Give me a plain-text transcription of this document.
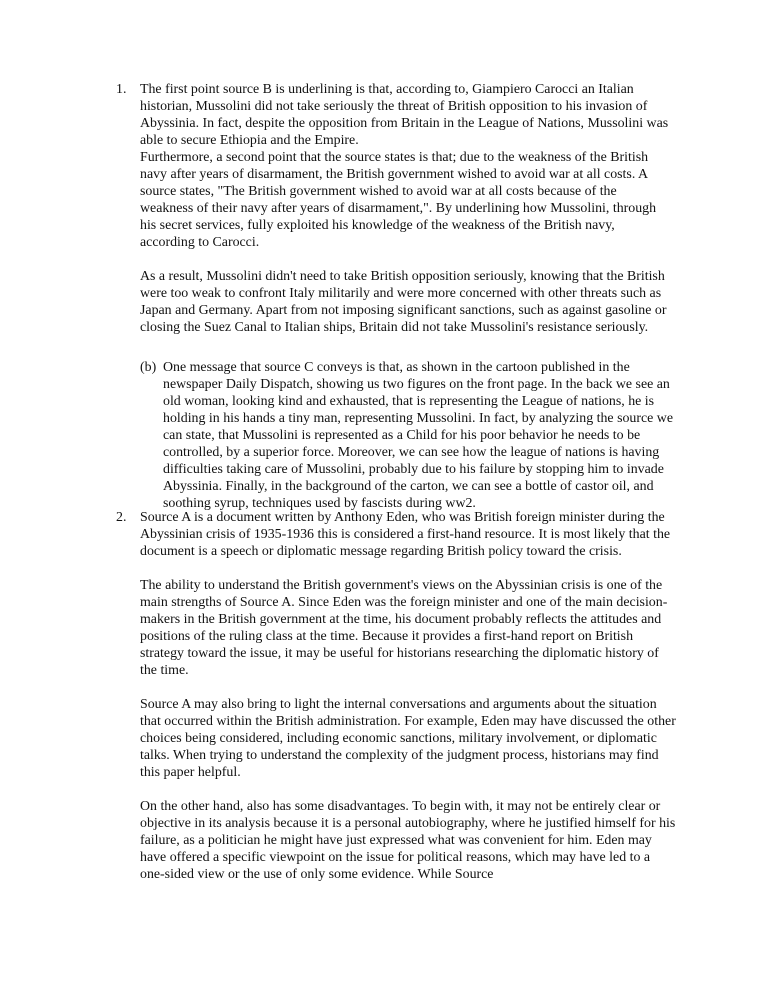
1. The first point source B is underlining is that, according to, Giampiero Carocci an Italian historian, Mussolini did not take seriously the threat of British opposition to his invasion of Abyssinia. In fact, despite the opposition from Britain in the League of Nations, Mussolini was able to secure Ethiopia and the Empire.

Furthermore, a second point that the source states is that; due to the weakness of the British navy after years of disarmament, the British government wished to avoid war at all costs. A source states, "The British government wished to avoid war at all costs because of the weakness of their navy after years of disarmament,". By underlining how Mussolini, through his secret services, fully exploited his knowledge of the weakness of the British navy, according to Carocci.

As a result, Mussolini didn't need to take British opposition seriously, knowing that the British were too weak to confront Italy militarily and were more concerned with other threats such as Japan and Germany. Apart from not imposing significant sanctions, such as against gasoline or closing the Suez Canal to Italian ships, Britain did not take Mussolini's resistance seriously.

(b) One message that source C conveys is that, as shown in the cartoon published in the newspaper Daily Dispatch, showing us two figures on the front page. In the back we see an old woman, looking kind and exhausted, that is representing the League of nations, he is holding in his hands a tiny man, representing Mussolini. In fact, by analyzing the source we can state, that Mussolini is represented as a Child for his poor behavior he needs to be controlled, by a superior force. Moreover, we can see how the league of nations is having difficulties taking care of Mussolini, probably due to his failure by stopping him to invade Abyssinia. Finally, in the background of the carton, we can see a bottle of castor oil, and soothing syrup, techniques used by fascists during ww2.

2. Source A is a document written by Anthony Eden, who was British foreign minister during the Abyssinian crisis of 1935-1936 this is considered a first-hand resource. It is most likely that the document is a speech or diplomatic message regarding British policy toward the crisis.

The ability to understand the British government's views on the Abyssinian crisis is one of the main strengths of Source A. Since Eden was the foreign minister and one of the main decision-makers in the British government at the time, his document probably reflects the attitudes and positions of the ruling class at the time. Because it provides a first-hand report on British strategy toward the issue, it may be useful for historians researching the diplomatic history of the time.

Source A may also bring to light the internal conversations and arguments about the situation that occurred within the British administration. For example, Eden may have discussed the other choices being considered, including economic sanctions, military involvement, or diplomatic talks. When trying to understand the complexity of the judgment process, historians may find this paper helpful.

On the other hand, also has some disadvantages. To begin with, it may not be entirely clear or objective in its analysis because it is a personal autobiography, where he justified himself for his failure, as a politician he might have just expressed what was convenient for him. Eden may have offered a specific viewpoint on the issue for political reasons, which may have led to a one-sided view or the use of only some evidence. While Source
